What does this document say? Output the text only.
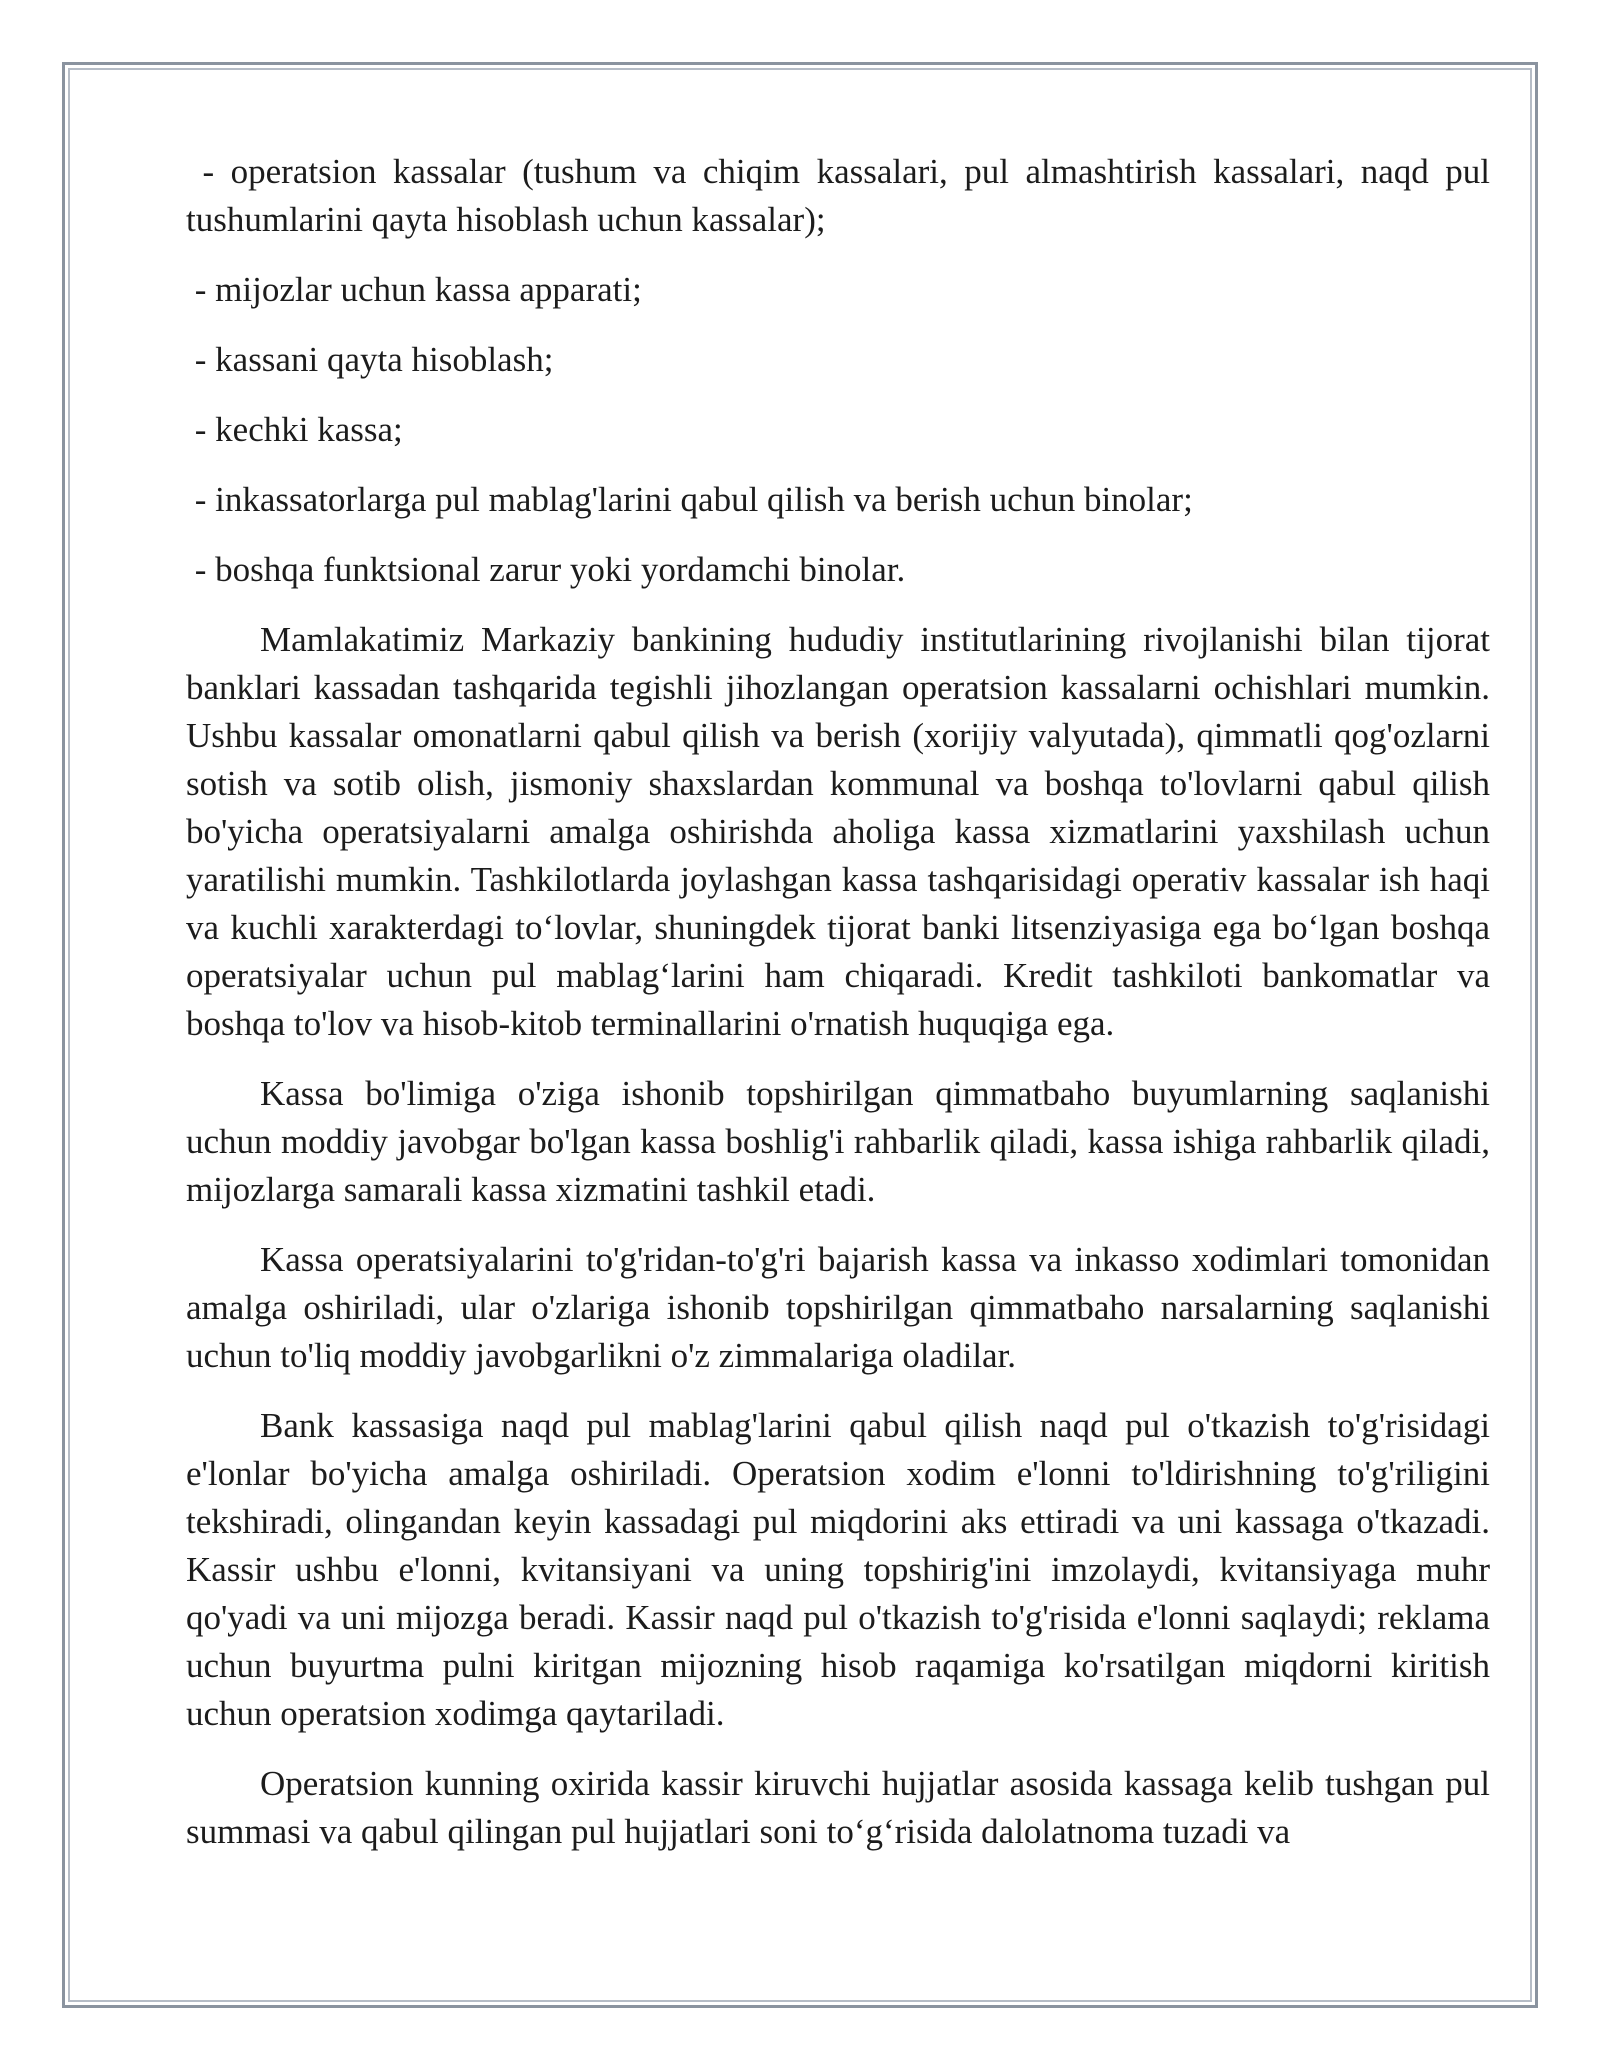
- operatsion kassalar (tushum va chiqim kassalari, pul almashtirish kassalari, naqd pul tushumlarini qayta hisoblash uchun kassalar);

- mijozlar uchun kassa apparati;

- kassani qayta hisoblash;

- kechki kassa;

- inkassatorlarga pul mablag'larini qabul qilish va berish uchun binolar;

- boshqa funktsional zarur yoki yordamchi binolar.

Mamlakatimiz Markaziy bankining hududiy institutlarining rivojlanishi bilan tijorat banklari kassadan tashqarida tegishli jihozlangan operatsion kassalarni ochishlari mumkin. Ushbu kassalar omonatlarni qabul qilish va berish (xorijiy valyutada), qimmatli qog'ozlarni sotish va sotib olish, jismoniy shaxslardan kommunal va boshqa to'lovlarni qabul qilish bo'yicha operatsiyalarni amalga oshirishda aholiga kassa xizmatlarini yaxshilash uchun yaratilishi mumkin. Tashkilotlarda joylashgan kassa tashqarisidagi operativ kassalar ish haqi va kuchli xarakterdagi to‘lovlar, shuningdek tijorat banki litsenziyasiga ega bo‘lgan boshqa operatsiyalar uchun pul mablag‘larini ham chiqaradi. Kredit tashkiloti bankomatlar va boshqa to'lov va hisob-kitob terminallarini o'rnatish huquqiga ega.

Kassa bo'limiga o'ziga ishonib topshirilgan qimmatbaho buyumlarning saqlanishi uchun moddiy javobgar bo'lgan kassa boshlig'i rahbarlik qiladi, kassa ishiga rahbarlik qiladi, mijozlarga samarali kassa xizmatini tashkil etadi.

Kassa operatsiyalarini to'g'ridan-to'g'ri bajarish kassa va inkasso xodimlari tomonidan amalga oshiriladi, ular o'zlariga ishonib topshirilgan qimmatbaho narsalarning saqlanishi uchun to'liq moddiy javobgarlikni o'z zimmalariga oladilar.

Bank kassasiga naqd pul mablag'larini qabul qilish naqd pul o'tkazish to'g'risidagi e'lonlar bo'yicha amalga oshiriladi. Operatsion xodim e'lonni to'ldirishning to'g'riligini tekshiradi, olingandan keyin kassadagi pul miqdorini aks ettiradi va uni kassaga o'tkazadi. Kassir ushbu e'lonni, kvitansiyani va uning topshirig'ini imzolaydi, kvitansiyaga muhr qo'yadi va uni mijozga beradi. Kassir naqd pul o'tkazish to'g'risida e'lonni saqlaydi; reklama uchun buyurtma pulni kiritgan mijozning hisob raqamiga ko'rsatilgan miqdorni kiritish uchun operatsion xodimga qaytariladi.

Operatsion kunning oxirida kassir kiruvchi hujjatlar asosida kassaga kelib tushgan pul summasi va qabul qilingan pul hujjatlari soni to‘g‘risida dalolatnoma tuzadi va
